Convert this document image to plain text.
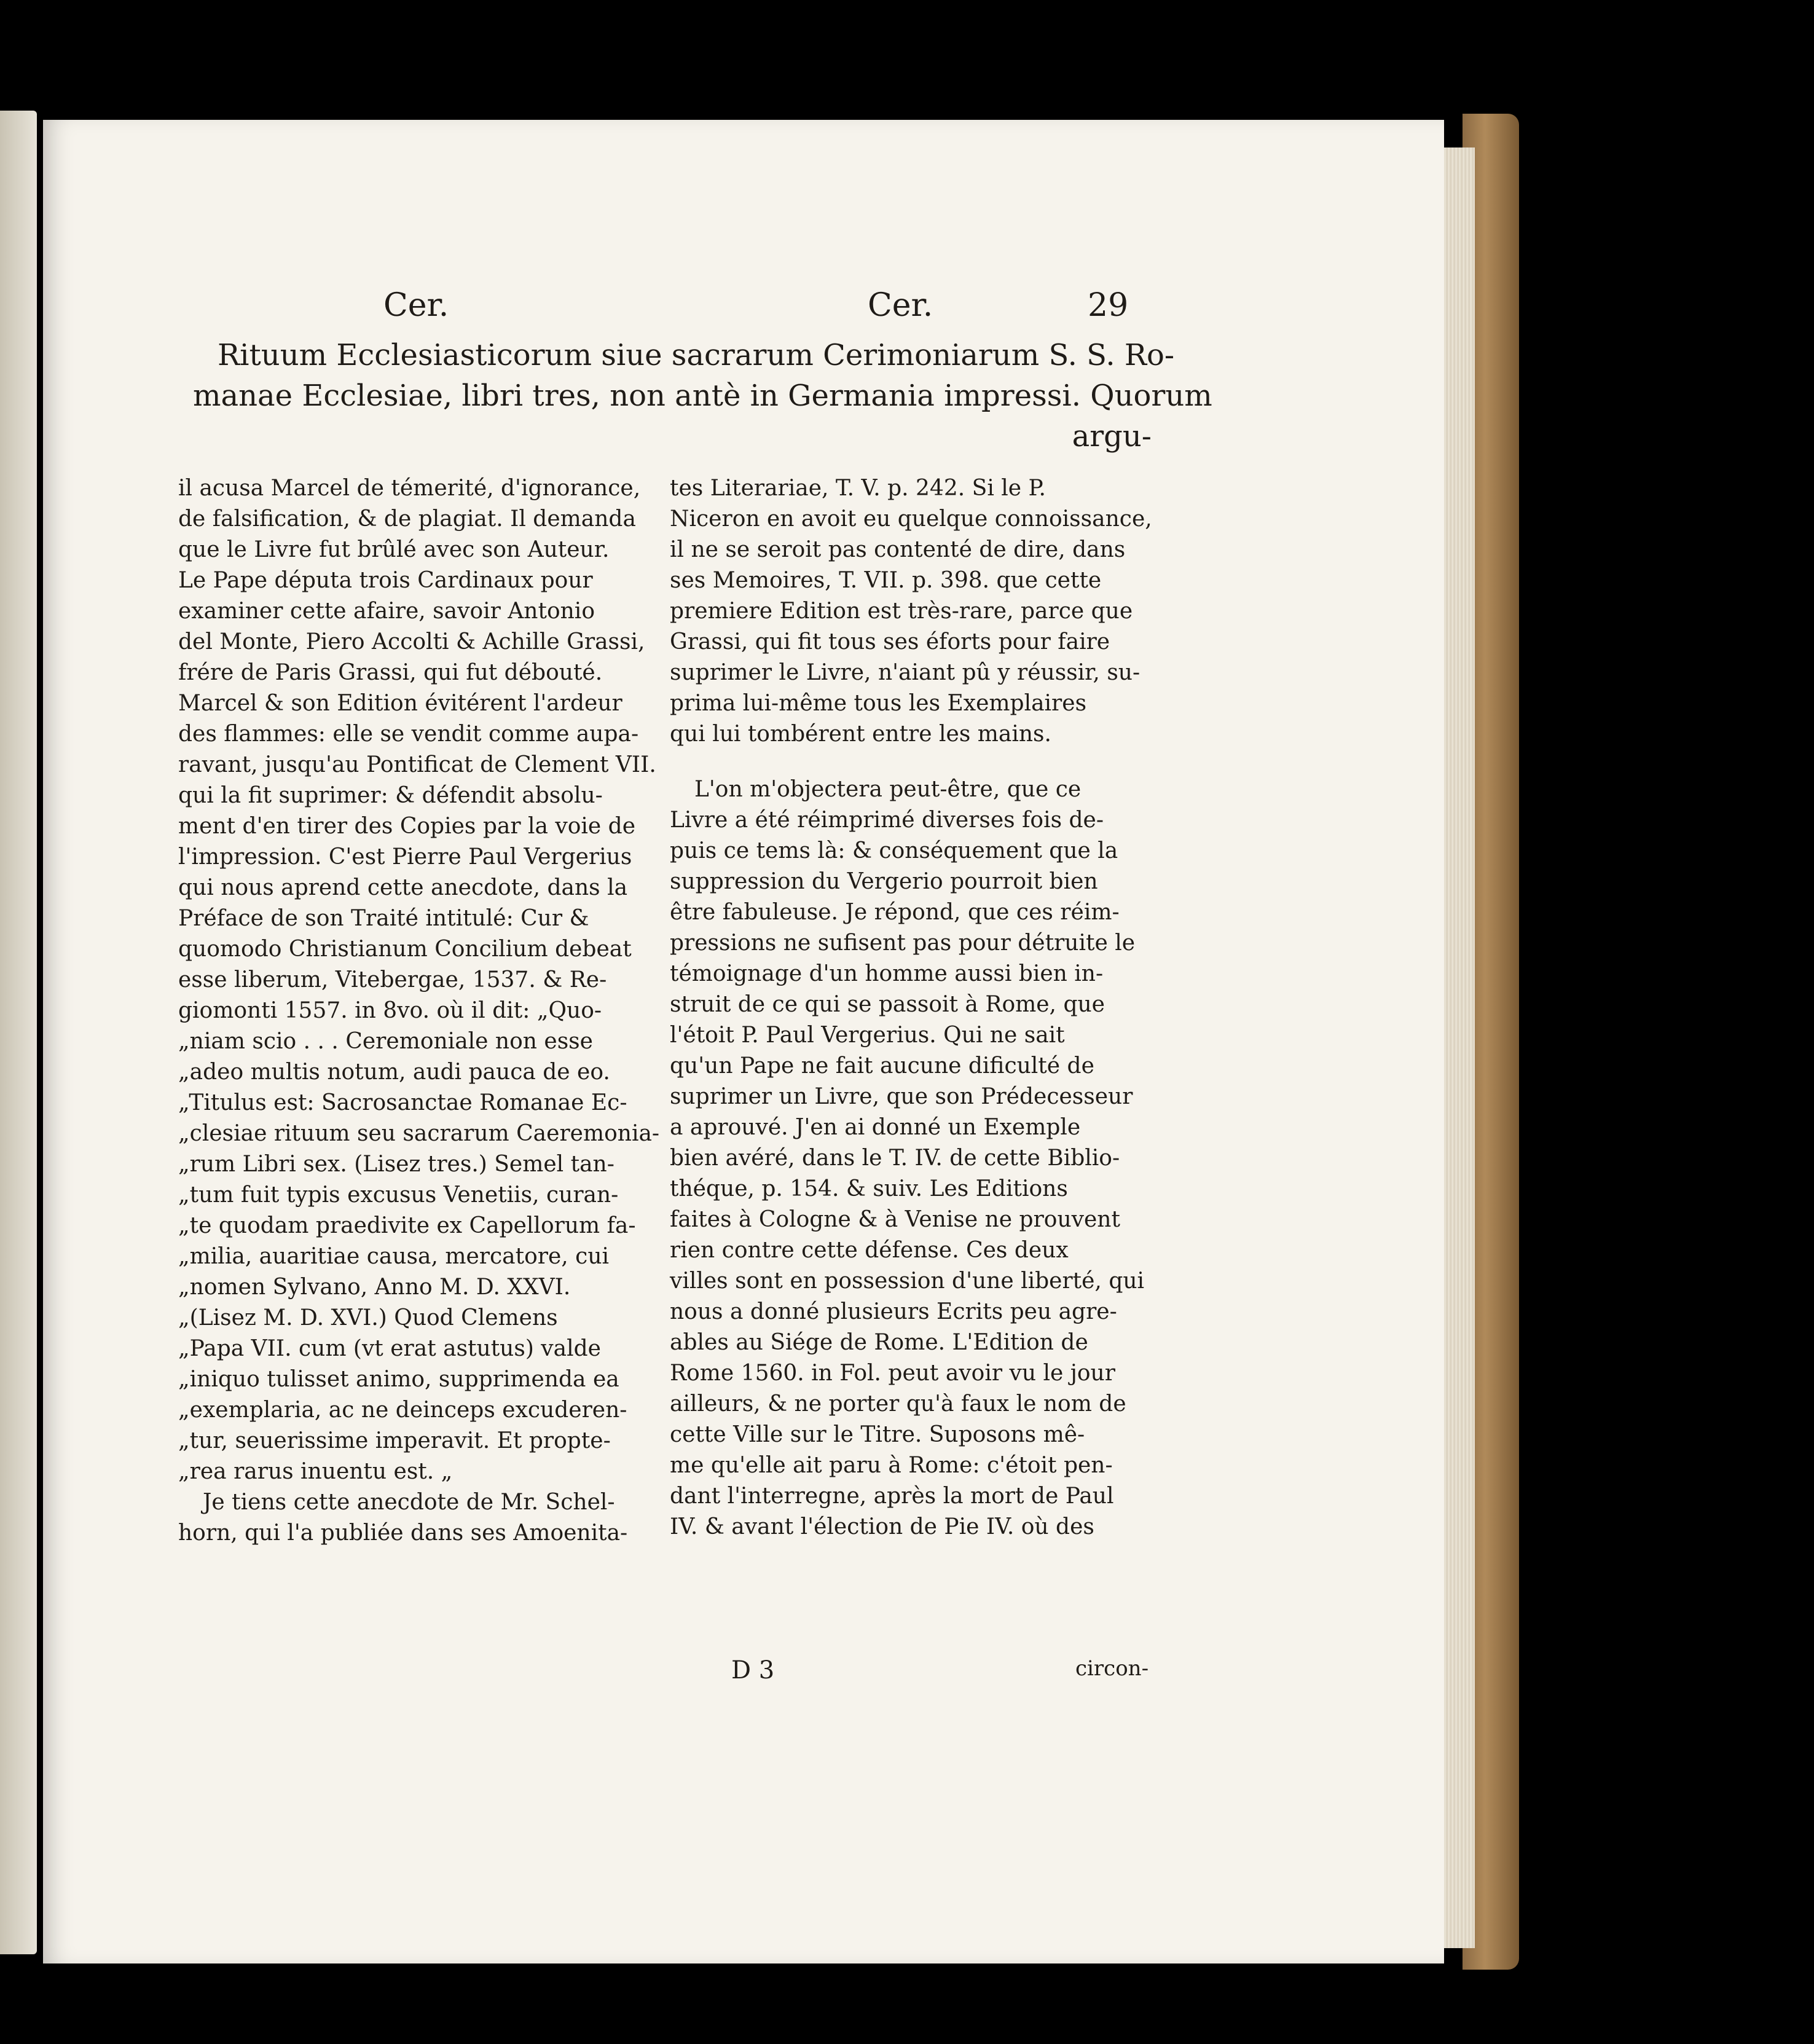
Cer.	Cer.	29
Rituum Ecclesiasticorum siue sacrarum Cerimoniarum S. S. Ro-
manae Ecclesiae, libri tres, non antè in Germania impressi. Quorum
argu-
il acusa Marcel de témerité, d'ignorance,
de falsification, & de plagiat. Il demanda
que le Livre fut brûlé avec son Auteur.
Le Pape députa trois Cardinaux pour
examiner cette afaire, savoir Antonio
del Monte, Piero Accolti & Achille Grassi,
frére de Paris Grassi, qui fut débouté.
Marcel & son Edition évitérent l'ardeur
des flammes: elle se vendit comme aupa-
ravant, jusqu'au Pontificat de Clement VII.
qui la fit suprimer: & défendit absolu-
ment d'en tirer des Copies par la voie de
l'impression. C'est Pierre Paul Vergerius
qui nous aprend cette anecdote, dans la
Préface de son Traité intitulé: Cur &
quomodo Christianum Concilium debeat
esse liberum, Vitebergae, 1537. & Re-
giomonti 1557. in 8vo. où il dit: „Quo-
„niam scio . . . Ceremoniale non esse
„adeo multis notum, audi pauca de eo.
„Titulus est: Sacrosanctae Romanae Ec-
„clesiae rituum seu sacrarum Caeremonia-
„rum Libri sex. (Lisez tres.) Semel tan-
„tum fuit typis excusus Venetiis, curan-
„te quodam praedivite ex Capellorum fa-
„milia, auaritiae causa, mercatore, cui
„nomen Sylvano, Anno M. D. XXVI.
„(Lisez M. D. XVI.) Quod Clemens
„Papa VII. cum (vt erat astutus) valde
„iniquo tulisset animo, supprimenda ea
„exemplaria, ac ne deinceps excuderen-
„tur, seuerissime imperavit. Et propte-
„rea rarus inuentu est. „
Je tiens cette anecdote de Mr. Schel-
horn, qui l'a publiée dans ses Amoenita-
tes Literariae, T. V. p. 242. Si le P.
Niceron en avoit eu quelque connoissance,
il ne se seroit pas contenté de dire, dans
ses Memoires, T. VII. p. 398. que cette
premiere Edition est très-rare, parce que
Grassi, qui fit tous ses éforts pour faire
suprimer le Livre, n'aiant pû y réussir, su-
prima lui-même tous les Exemplaires
qui lui tombérent entre les mains.
L'on m'objectera peut-être, que ce
Livre a été réimprimé diverses fois de-
puis ce tems là: & conséquement que la
suppression du Vergerio pourroit bien
être fabuleuse. Je répond, que ces réim-
pressions ne sufisent pas pour détruite le
témoignage d'un homme aussi bien in-
struit de ce qui se passoit à Rome, que
l'étoit P. Paul Vergerius. Qui ne sait
qu'un Pape ne fait aucune dificulté de
suprimer un Livre, que son Prédecesseur
a aprouvé. J'en ai donné un Exemple
bien avéré, dans le T. IV. de cette Biblio-
théque, p. 154. & suiv. Les Editions
faites à Cologne & à Venise ne prouvent
rien contre cette défense. Ces deux
villes sont en possession d'une liberté, qui
nous a donné plusieurs Ecrits peu agre-
ables au Siége de Rome. L'Edition de
Rome 1560. in Fol. peut avoir vu le jour
ailleurs, & ne porter qu'à faux le nom de
cette Ville sur le Titre. Suposons mê-
me qu'elle ait paru à Rome: c'étoit pen-
dant l'interregne, après la mort de Paul
IV. & avant l'élection de Pie IV. où des
D 3	circon-
